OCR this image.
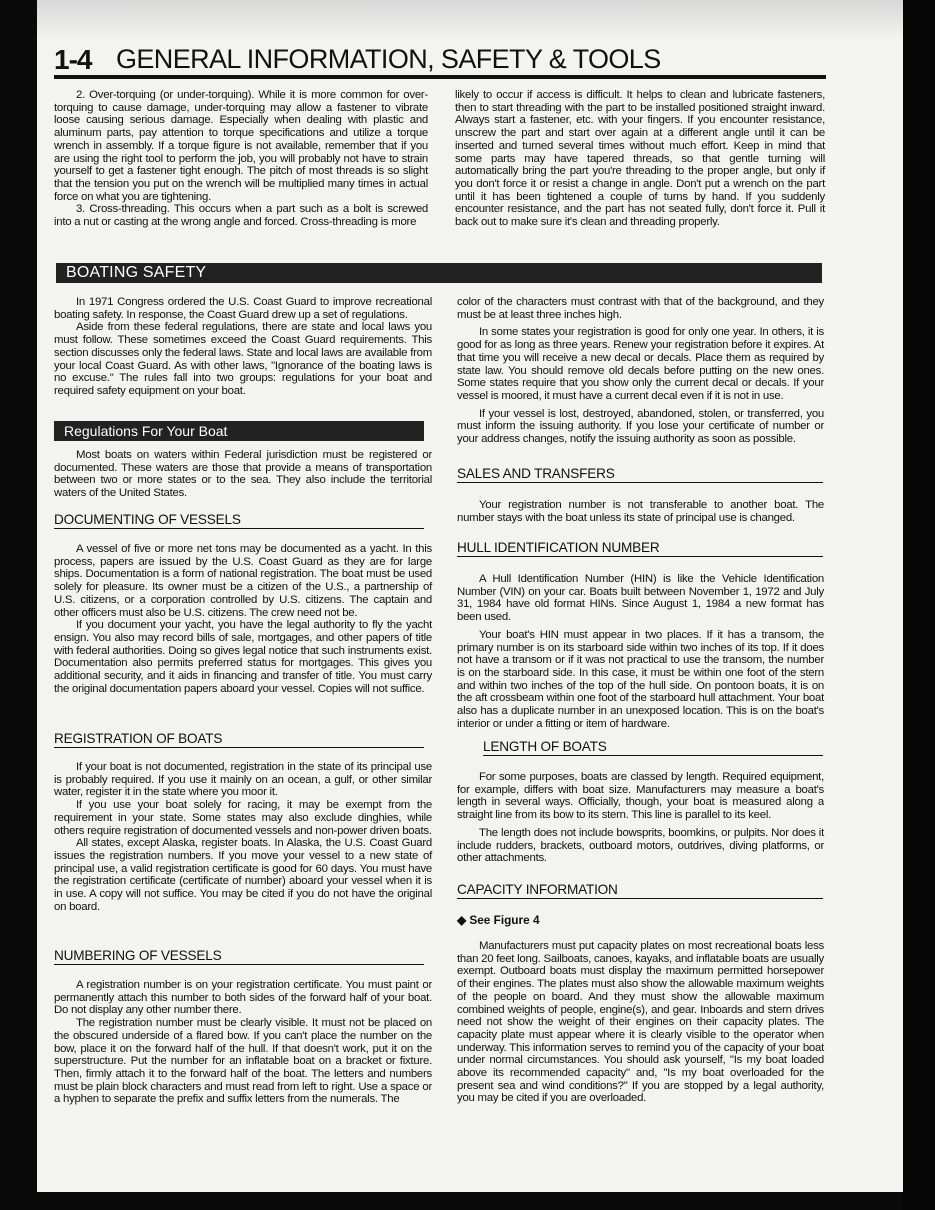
1-4 GENERAL INFORMATION, SAFETY & TOOLS

2. Over-torquing (or under-torquing). While it is more common for over-torquing to cause damage, under-torquing may allow a fastener to vibrate loose causing serious damage. Especially when dealing with plastic and aluminum parts, pay attention to torque specifications and utilize a torque wrench in assembly. If a torque figure is not available, remember that if you are using the right tool to perform the job, you will probably not have to strain yourself to get a fastener tight enough. The pitch of most threads is so slight that the tension you put on the wrench will be multiplied many times in actual force on what you are tightening.

3. Cross-threading. This occurs when a part such as a bolt is screwed into a nut or casting at the wrong angle and forced. Cross-threading is more

likely to occur if access is difficult. It helps to clean and lubricate fasteners, then to start threading with the part to be installed positioned straight inward. Always start a fastener, etc. with your fingers. If you encounter resistance, unscrew the part and start over again at a different angle until it can be inserted and turned several times without much effort. Keep in mind that some parts may have tapered threads, so that gentle turning will automatically bring the part you're threading to the proper angle, but only if you don't force it or resist a change in angle. Don't put a wrench on the part until it has been tightened a couple of turns by hand. If you suddenly encounter resistance, and the part has not seated fully, don't force it. Pull it back out to make sure it's clean and threading properly.

BOATING SAFETY

In 1971 Congress ordered the U.S. Coast Guard to improve recreational boating safety. In response, the Coast Guard drew up a set of regulations.

Aside from these federal regulations, there are state and local laws you must follow. These sometimes exceed the Coast Guard requirements. This section discusses only the federal laws. State and local laws are available from your local Coast Guard. As with other laws, "Ignorance of the boating laws is no excuse." The rules fall into two groups: regulations for your boat and required safety equipment on your boat.

Regulations For Your Boat

Most boats on waters within Federal jurisdiction must be registered or documented. These waters are those that provide a means of transportation between two or more states or to the sea. They also include the territorial waters of the United States.

DOCUMENTING OF VESSELS

A vessel of five or more net tons may be documented as a yacht. In this process, papers are issued by the U.S. Coast Guard as they are for large ships. Documentation is a form of national registration. The boat must be used solely for pleasure. Its owner must be a citizen of the U.S., a partnership of U.S. citizens, or a corporation controlled by U.S. citizens. The captain and other officers must also be U.S. citizens. The crew need not be.

If you document your yacht, you have the legal authority to fly the yacht ensign. You also may record bills of sale, mortgages, and other papers of title with federal authorities. Doing so gives legal notice that such instruments exist. Documentation also permits preferred status for mortgages. This gives you additional security, and it aids in financing and transfer of title. You must carry the original documentation papers aboard your vessel. Copies will not suffice.

REGISTRATION OF BOATS

If your boat is not documented, registration in the state of its principal use is probably required. If you use it mainly on an ocean, a gulf, or other similar water, register it in the state where you moor it.

If you use your boat solely for racing, it may be exempt from the requirement in your state. Some states may also exclude dinghies, while others require registration of documented vessels and non-power driven boats.

All states, except Alaska, register boats. In Alaska, the U.S. Coast Guard issues the registration numbers. If you move your vessel to a new state of principal use, a valid registration certificate is good for 60 days. You must have the registration certificate (certificate of number) aboard your vessel when it is in use. A copy will not suffice. You may be cited if you do not have the original on board.

NUMBERING OF VESSELS

A registration number is on your registration certificate. You must paint or permanently attach this number to both sides of the forward half of your boat. Do not display any other number there.

The registration number must be clearly visible. It must not be placed on the obscured underside of a flared bow. If you can't place the number on the bow, place it on the forward half of the hull. If that doesn't work, put it on the superstructure. Put the number for an inflatable boat on a bracket or fixture. Then, firmly attach it to the forward half of the boat. The letters and numbers must be plain block characters and must read from left to right. Use a space or a hyphen to separate the prefix and suffix letters from the numerals. The

color of the characters must contrast with that of the background, and they must be at least three inches high.

In some states your registration is good for only one year. In others, it is good for as long as three years. Renew your registration before it expires. At that time you will receive a new decal or decals. Place them as required by state law. You should remove old decals before putting on the new ones. Some states require that you show only the current decal or decals. If your vessel is moored, it must have a current decal even if it is not in use.

If your vessel is lost, destroyed, abandoned, stolen, or transferred, you must inform the issuing authority. If you lose your certificate of number or your address changes, notify the issuing authority as soon as possible.

SALES AND TRANSFERS

Your registration number is not transferable to another boat. The number stays with the boat unless its state of principal use is changed.

HULL IDENTIFICATION NUMBER

A Hull Identification Number (HIN) is like the Vehicle Identification Number (VIN) on your car. Boats built between November 1, 1972 and July 31, 1984 have old format HINs. Since August 1, 1984 a new format has been used.

Your boat's HIN must appear in two places. If it has a transom, the primary number is on its starboard side within two inches of its top. If it does not have a transom or if it was not practical to use the transom, the number is on the starboard side. In this case, it must be within one foot of the stern and within two inches of the top of the hull side. On pontoon boats, it is on the aft crossbeam within one foot of the starboard hull attachment. Your boat also has a duplicate number in an unexposed location. This is on the boat's interior or under a fitting or item of hardware.

LENGTH OF BOATS

For some purposes, boats are classed by length. Required equipment, for example, differs with boat size. Manufacturers may measure a boat's length in several ways. Officially, though, your boat is measured along a straight line from its bow to its stern. This line is parallel to its keel.

The length does not include bowsprits, boomkins, or pulpits. Nor does it include rudders, brackets, outboard motors, outdrives, diving platforms, or other attachments.

CAPACITY INFORMATION
◆ See Figure 4

Manufacturers must put capacity plates on most recreational boats less than 20 feet long. Sailboats, canoes, kayaks, and inflatable boats are usually exempt. Outboard boats must display the maximum permitted horsepower of their engines. The plates must also show the allowable maximum weights of the people on board. And they must show the allowable maximum combined weights of people, engine(s), and gear. Inboards and stern drives need not show the weight of their engines on their capacity plates. The capacity plate must appear where it is clearly visible to the operator when underway. This information serves to remind you of the capacity of your boat under normal circumstances. You should ask yourself, "Is my boat loaded above its recommended capacity" and, "Is my boat overloaded for the present sea and wind conditions?" If you are stopped by a legal authority, you may be cited if you are overloaded.
